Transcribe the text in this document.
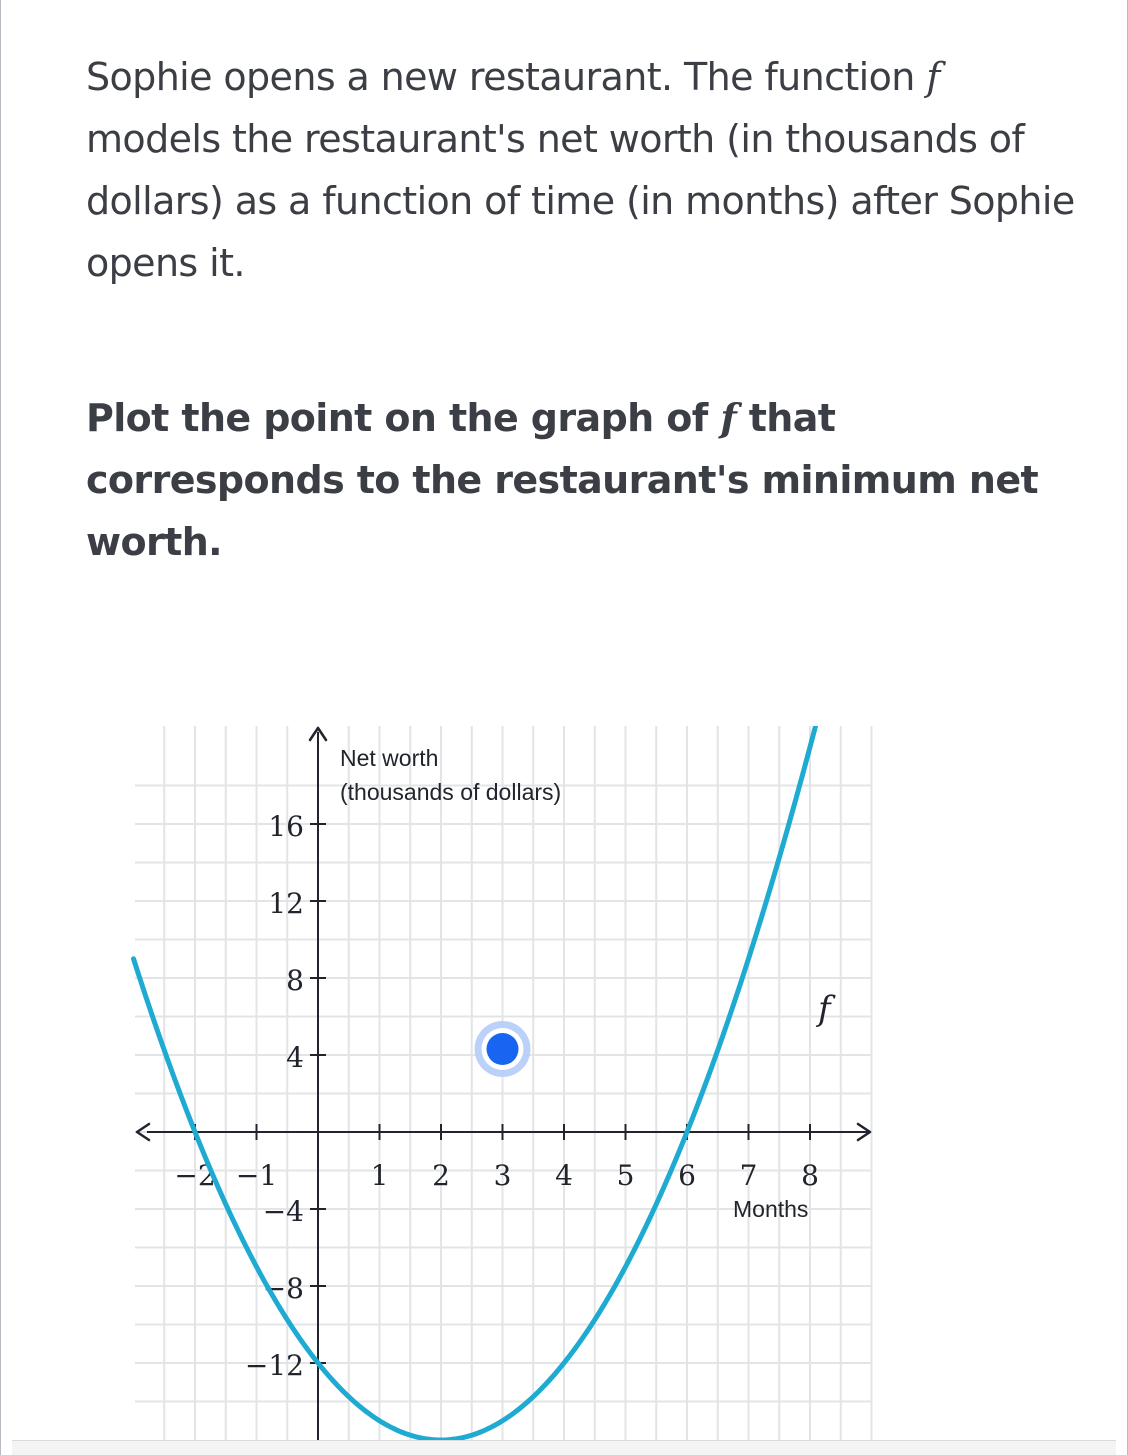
Sophie opens a new restaurant. The function f models the restaurant's net worth (in thousands of dollars) as a function of time (in months) after Sophie opens it.

Plot the point on the graph of f that corresponds to the restaurant's minimum net worth.

−2 −1	1 2 3 4 5 6 7 8
16
12
8
4
−4
−8
−12
Net worth
(thousands of dollars)
Months
f
